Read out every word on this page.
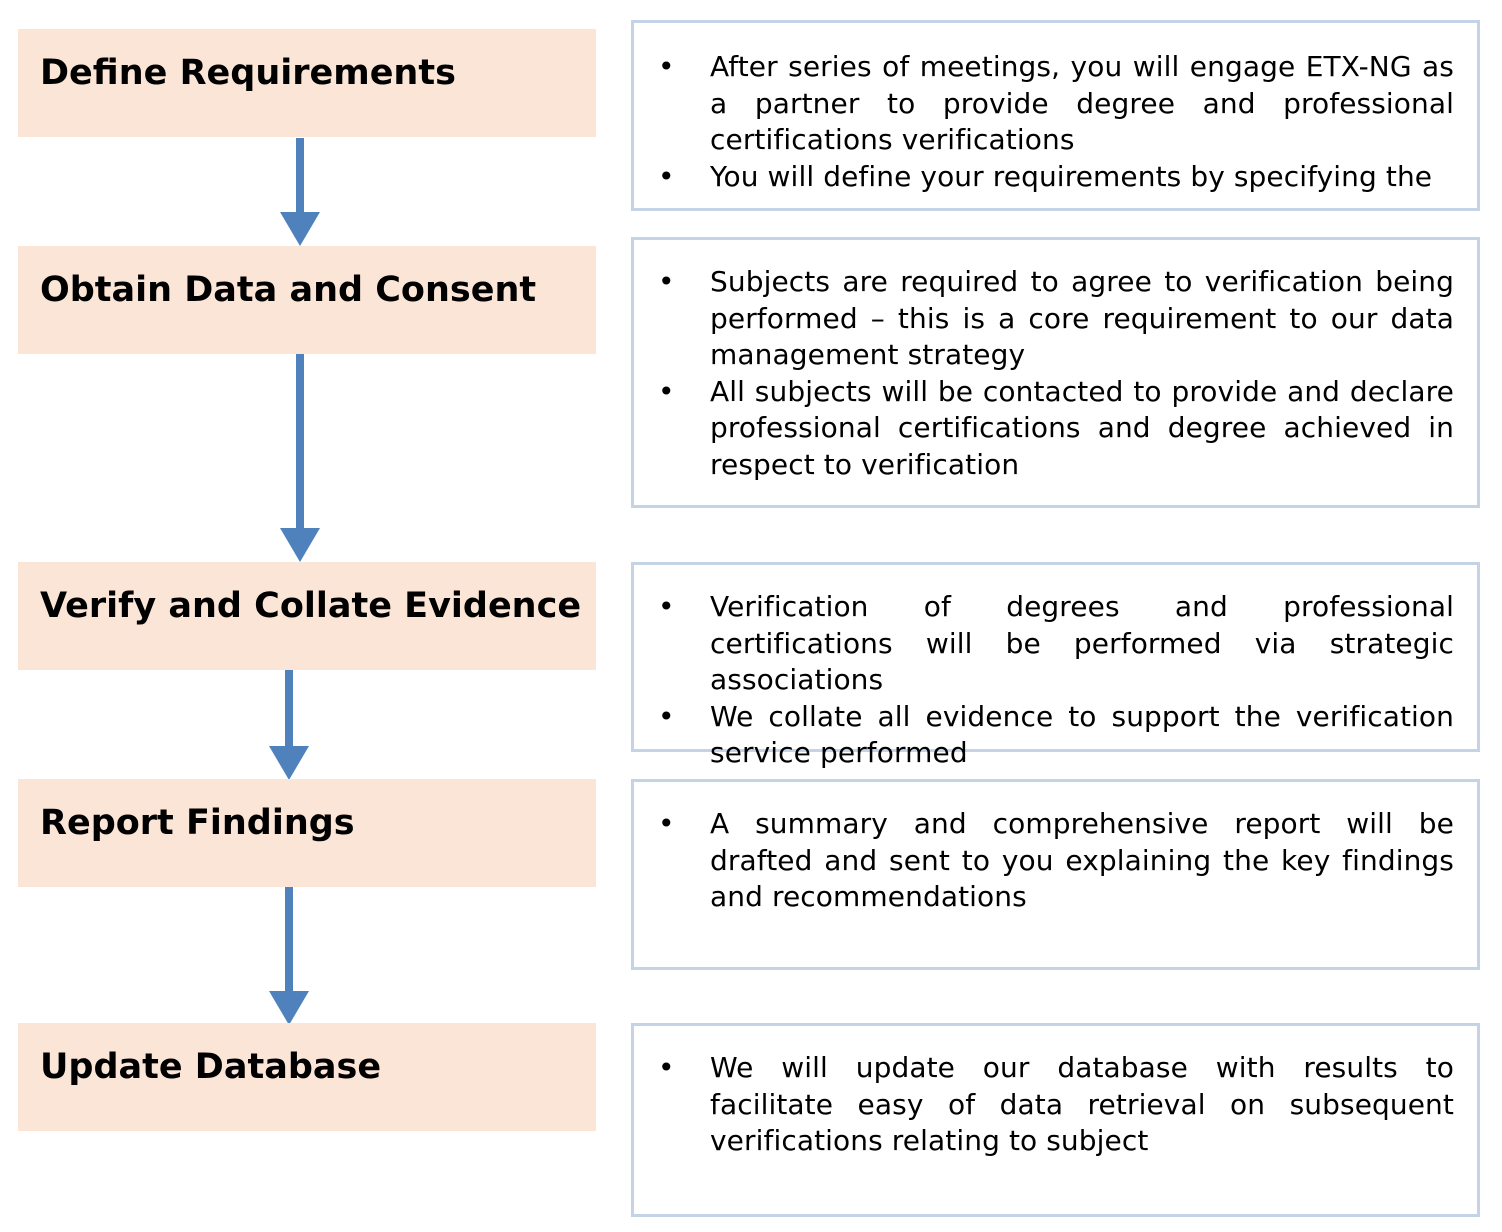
Define Requirements	• After series of meetings, you will engage ETX-NG as a partner to provide degree and professional certifications verifications
• You will define your requirements by specifying the
Obtain Data and Consent	• Subjects are required to agree to verification being performed – this is a core requirement to our data management strategy
• All subjects will be contacted to provide and declare professional certifications and degree achieved in respect to verification
Verify and Collate Evidence	• Verification of degrees and professional certifications will be performed via strategic associations
• We collate all evidence to support the verification service performed
Report Findings	• A summary and comprehensive report will be drafted and sent to you explaining the key findings and recommendations
Update Database	• We will update our database with results to facilitate easy of data retrieval on subsequent verifications relating to subject
